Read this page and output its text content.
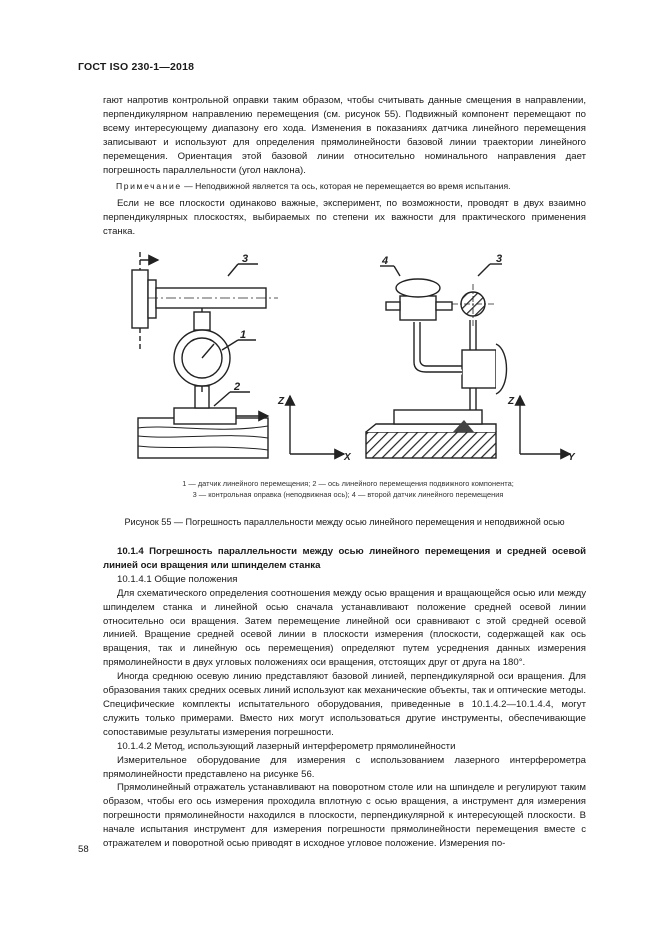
ГОСТ ISO 230-1—2018

гают напротив контрольной оправки таким образом, чтобы считывать данные смещения в направлении, перпендикулярном направлению перемещения (см. рисунок 55). Подвижный компонент перемещают по всему интересующему диапазону его хода. Изменения в показаниях датчика линейного перемещения записывают и используют для определения прямолинейности базовой линии траектории линейного перемещения. Ориентация этой базовой линии относительно номинального направления дает погрешность параллельности (угол наклона).

Примечание — Неподвижной является та ось, которая не перемещается во время испытания.

Если не все плоскости одинаково важные, эксперимент, по возможности, проводят в двух взаимно перпендикулярных плоскостях, выбираемых по степени их важности для практического применения станка.

3
1
2
Z
X
4	3
Z
Y
1 — датчик линейного перемещения; 2 — ось линейного перемещения подвижного компонента;
3 — контрольная оправка (неподвижная ось); 4 — второй датчик линейного перемещения
Рисунок 55 — Погрешность параллельности между осью линейного перемещения и неподвижной осью

10.1.4 Погрешность параллельности между осью линейного перемещения и средней осевой линией оси вращения или шпинделем станка

10.1.4.1 Общие положения

Для схематического определения соотношения между осью вращения и вращающейся осью или между шпинделем станка и линейной осью сначала устанавливают положение средней осевой линии относительно оси вращения. Затем перемещение линейной оси сравнивают с этой средней осевой линией. Вращение средней осевой линии в плоскости измерения (плоскости, содержащей как ось вращения, так и линейную ось перемещения) определяют путем усреднения данных измерения прямолинейности в двух угловых положениях оси вращения, отстоящих друг от друга на 180°.

Иногда среднюю осевую линию представляют базовой линией, перпендикулярной оси вращения. Для образования таких средних осевых линий используют как механические объекты, так и оптические методы. Специфические комплекты испытательного оборудования, приведенные в 10.1.4.2—10.1.4.4, могут служить только примерами. Вместо них могут использоваться другие инструменты, обеспечивающие сопоставимые результаты измерения погрешности.

10.1.4.2 Метод, использующий лазерный интерферометр прямолинейности

Измерительное оборудование для измерения с использованием лазерного интерферометра прямолинейности представлено на рисунке 56.

Прямолинейный отражатель устанавливают на поворотном столе или на шпинделе и регулируют таким образом, чтобы его ось измерения проходила вплотную с осью вращения, а инструмент для измерения погрешности прямолинейности находился в плоскости, перпендикулярной к интересующей плоскости. В начале испытания инструмент для измерения погрешности прямолинейности перемещения вместе с отражателем и поворотной осью приводят в исходное угловое положение. Измерения по-

58
